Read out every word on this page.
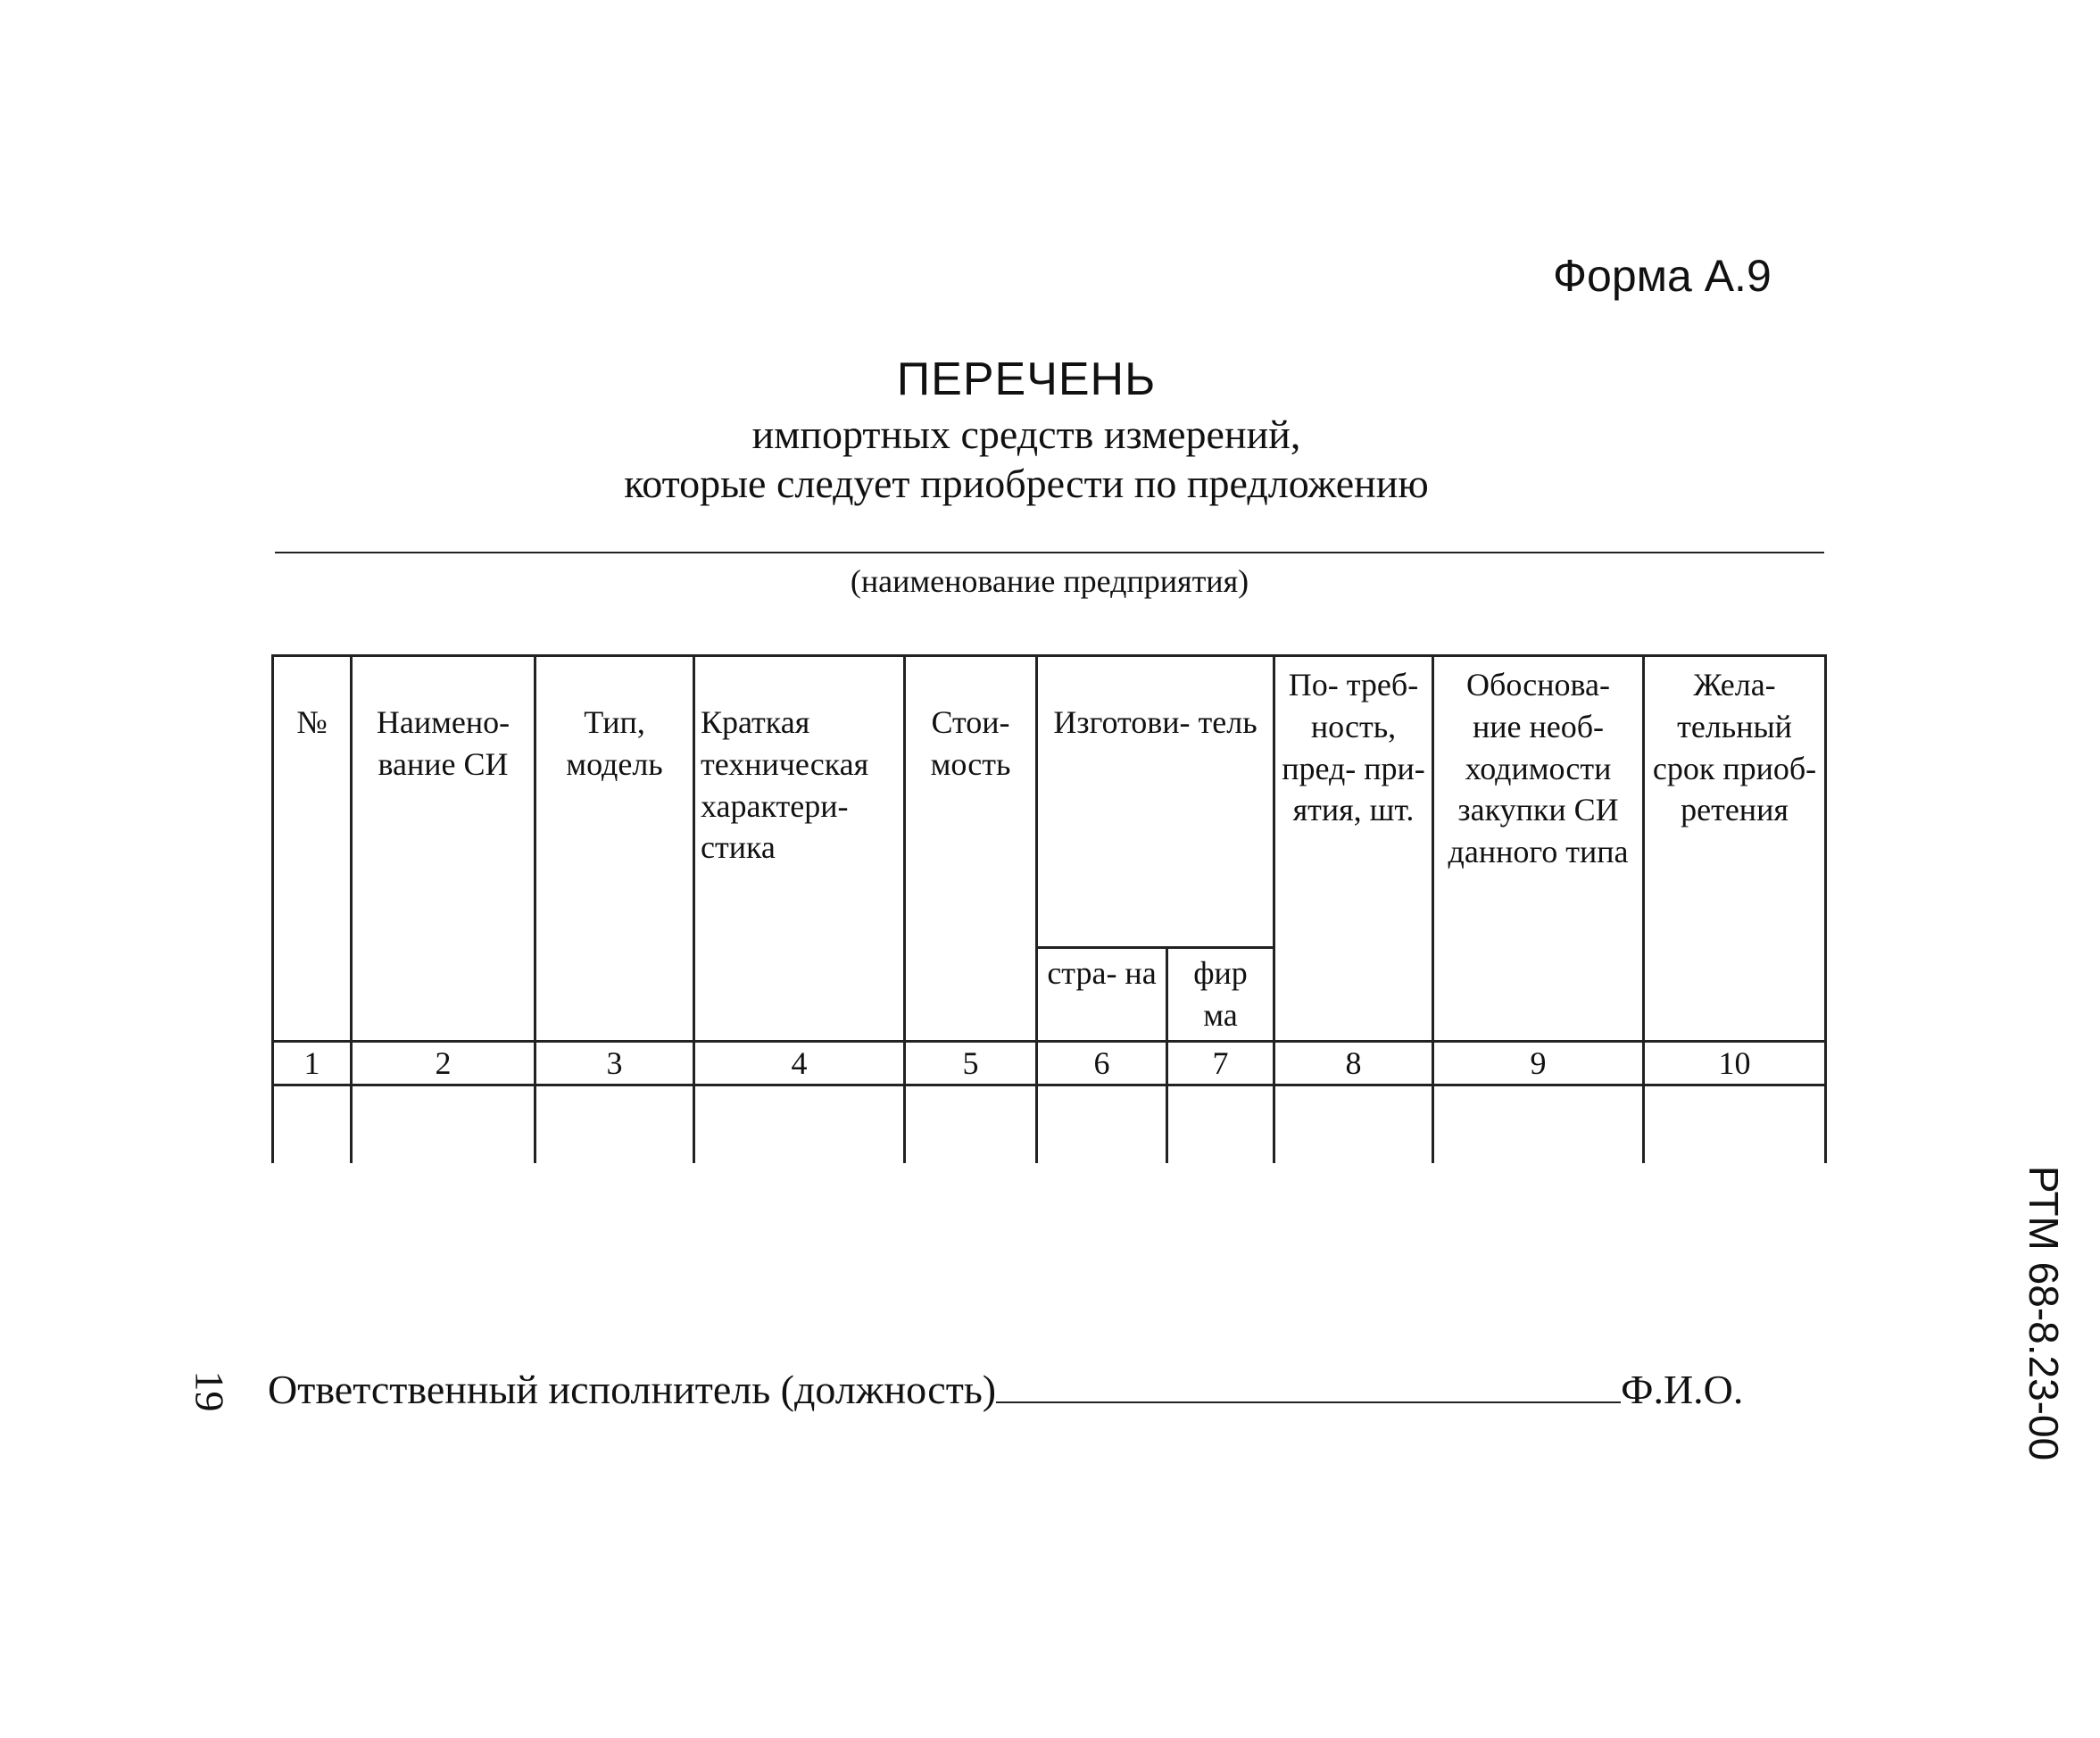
Форма А.9
ПЕРЕЧЕНЬ
импортных средств измерений,
которые следует приобрести по предложению
(наименование предприятия)
№	Наимено- вание СИ	Тип, модель	Краткая техническая характери- стика	Стои- мость	Изготови- тель		По- треб- ность, пред- при- ятия, шт.	Обоснова- ние необ- ходимости закупки СИ данного типа	Жела- тельный срок приоб- ретения
					стра- на	фир ма			
1	2	3	4	5	6	7	8	9	10

19 Ответственный исполнитель (должность)	Ф.И.О.	РТМ 68-8.23-00
